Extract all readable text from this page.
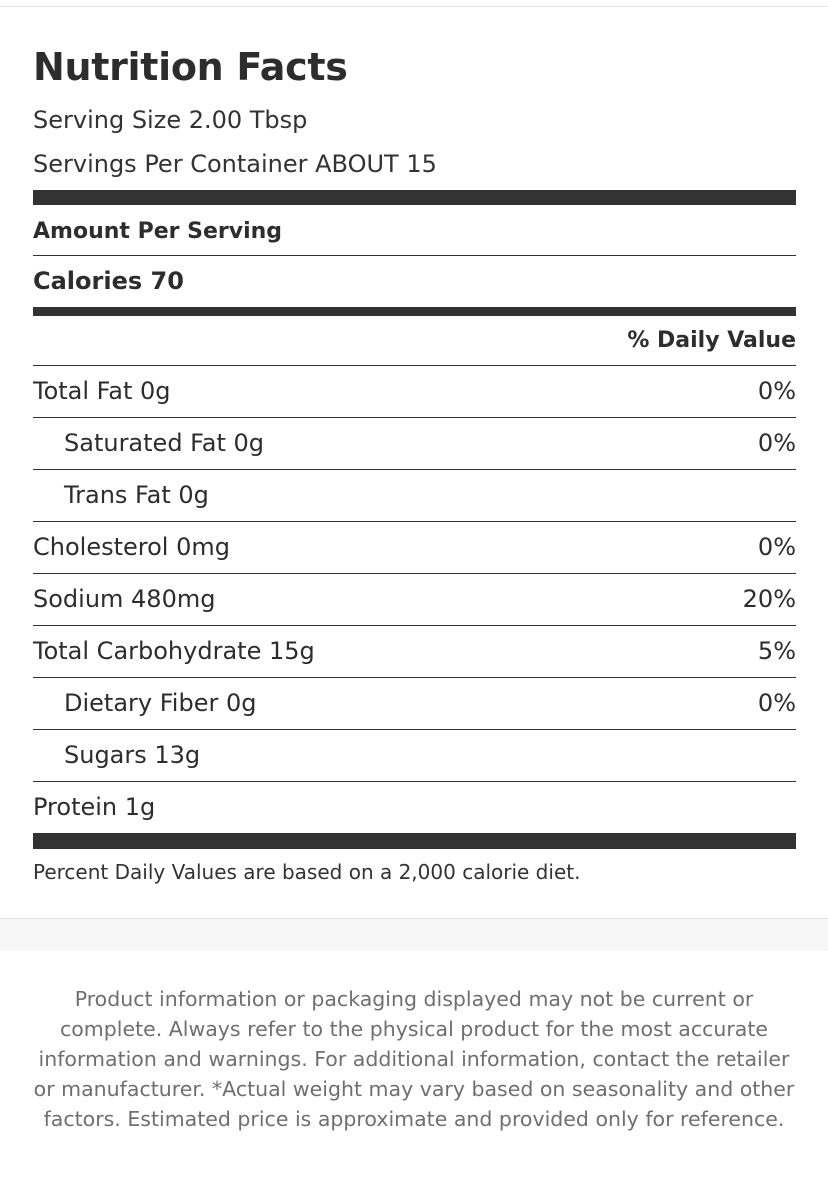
Nutrition Facts
Serving Size 2.00 Tbsp
Servings Per Container ABOUT 15
Amount Per Serving
Calories 70
% Daily Value
Total Fat 0g	0%
Saturated Fat 0g	0%
Trans Fat 0g
Cholesterol 0mg	0%
Sodium 480mg	20%
Total Carbohydrate 15g	5%
Dietary Fiber 0g	0%
Sugars 13g
Protein 1g
Percent Daily Values are based on a 2,000 calorie diet.

Product information or packaging displayed may not be current or complete. Always refer to the physical product for the most accurate information and warnings. For additional information, contact the retailer or manufacturer. *Actual weight may vary based on seasonality and other factors. Estimated price is approximate and provided only for reference.
